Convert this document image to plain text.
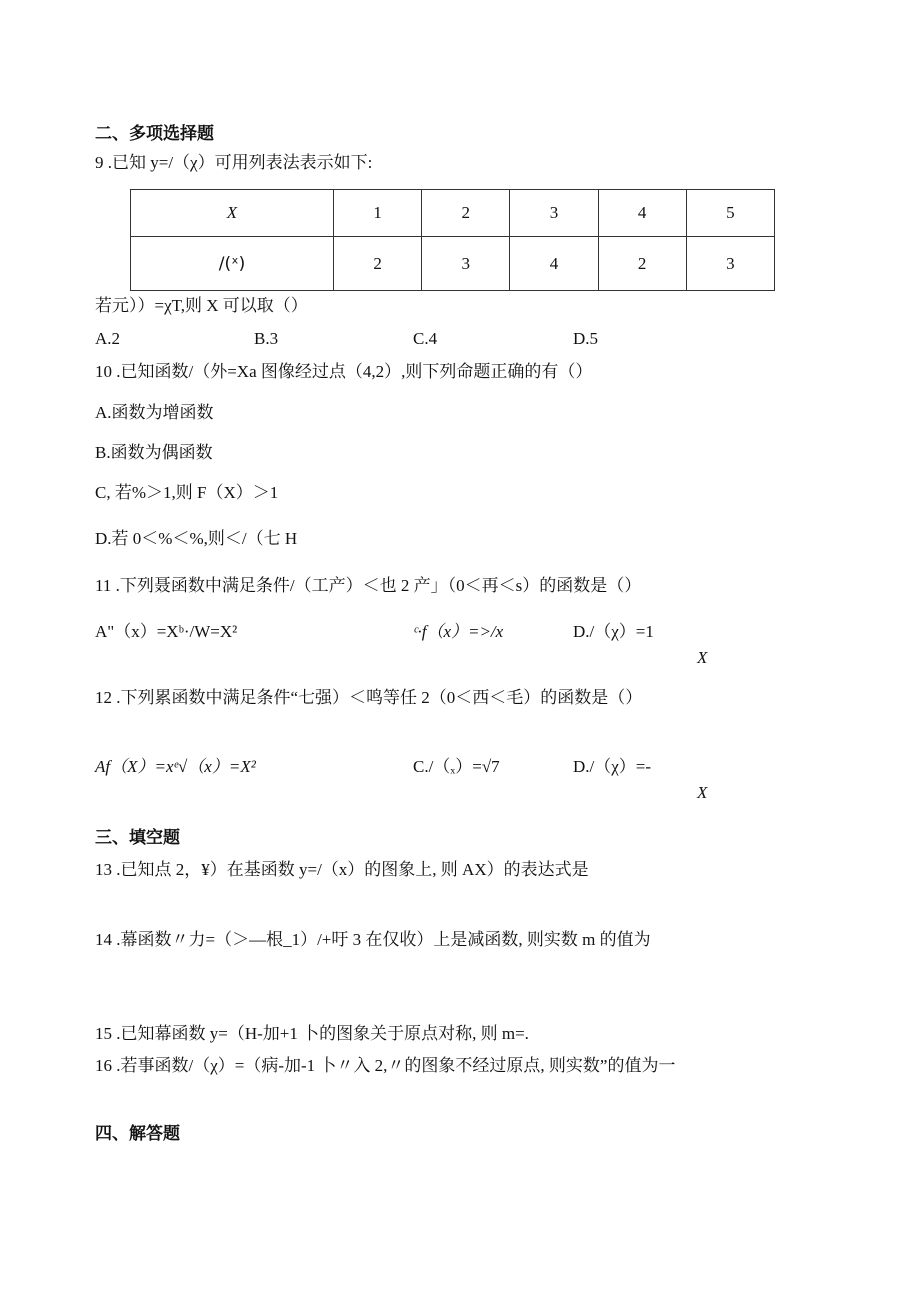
二、多项选择题
9 .已知 y=/（χ）可用列表法表示如下:
X	1	2	3	4	5
/(ˣ)	2	3	4	2	3
若元））=χT,则 X 可以取（）
A.2	B.3	C.4	D.5
10 .已知函数/（外=Xa 图像经过点（4,2）,则下列命题正确的有（）
A.函数为增函数
B.函数为偶函数
C, 若%＞1,则 F（X）＞1
D.若 0＜%＜%,则＜/（七 H
11 .下列聂函数中满足条件/（工产）＜也 2 产」（0＜再＜s）的函数是（）
A"（x）=Xᵇ·/W=X²	ᶜ·f（x）=>/x	D./（χ）=1
X
12 .下列累函数中满足条件“七强）＜鸣等任 2（0＜西＜毛）的函数是（）
Af（X）=xᵉ√（x）=X²	C./（ₓ）=√7	D./（χ）=-
X
三、填空题
13 .已知点 2，¥）在基函数 y=/（x）的图象上, 则 AX）的表达式是
14 .幕函数〃力=（＞—根_1）/+吁 3 在仅收）上是减函数, 则实数 m 的值为
15 .已知幕函数 y=（H-加+1 卜的图象关于原点对称, 则 m=.
16 .若事函数/（χ）=（病-加-1 卜〃入 2,〃的图象不经过原点, 则实数”的值为一
四、解答题
